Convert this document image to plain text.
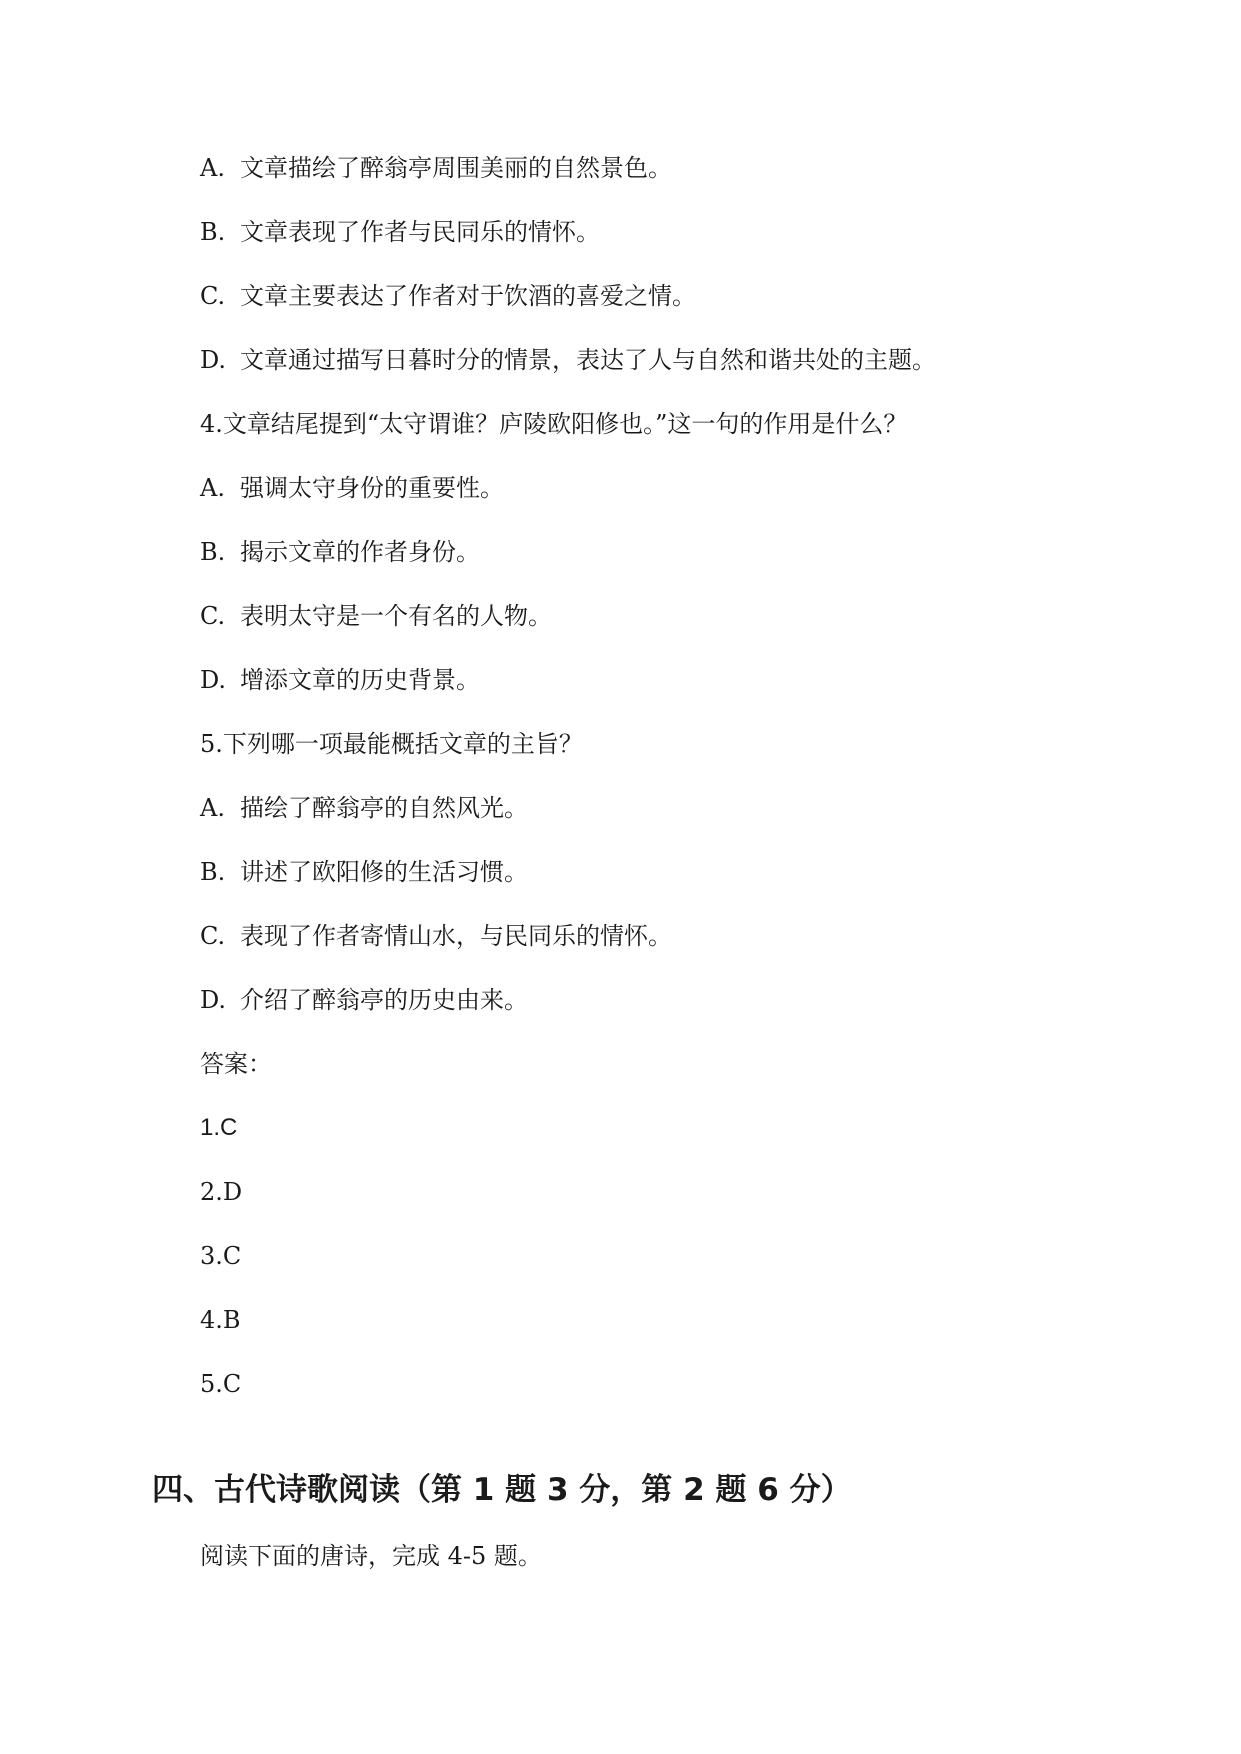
A. 文章描绘了醉翁亭周围美丽的自然景色。
B. 文章表现了作者与民同乐的情怀。
C. 文章主要表达了作者对于饮酒的喜爱之情。
D. 文章通过描写日暮时分的情景，表达了人与自然和谐共处的主题。
4.文章结尾提到“太守谓谁？庐陵欧阳修也。”这一句的作用是什么？
A. 强调太守身份的重要性。
B. 揭示文章的作者身份。
C. 表明太守是一个有名的人物。
D. 增添文章的历史背景。
5.下列哪一项最能概括文章的主旨？
A. 描绘了醉翁亭的自然风光。
B. 讲述了欧阳修的生活习惯。
C. 表现了作者寄情山水，与民同乐的情怀。
D. 介绍了醉翁亭的历史由来。
答案：
1.C
2.D
3.C
4.B
5.C
四、古代诗歌阅读（第 1 题 3 分，第 2 题 6 分）
阅读下面的唐诗，完成 4-5 题。
